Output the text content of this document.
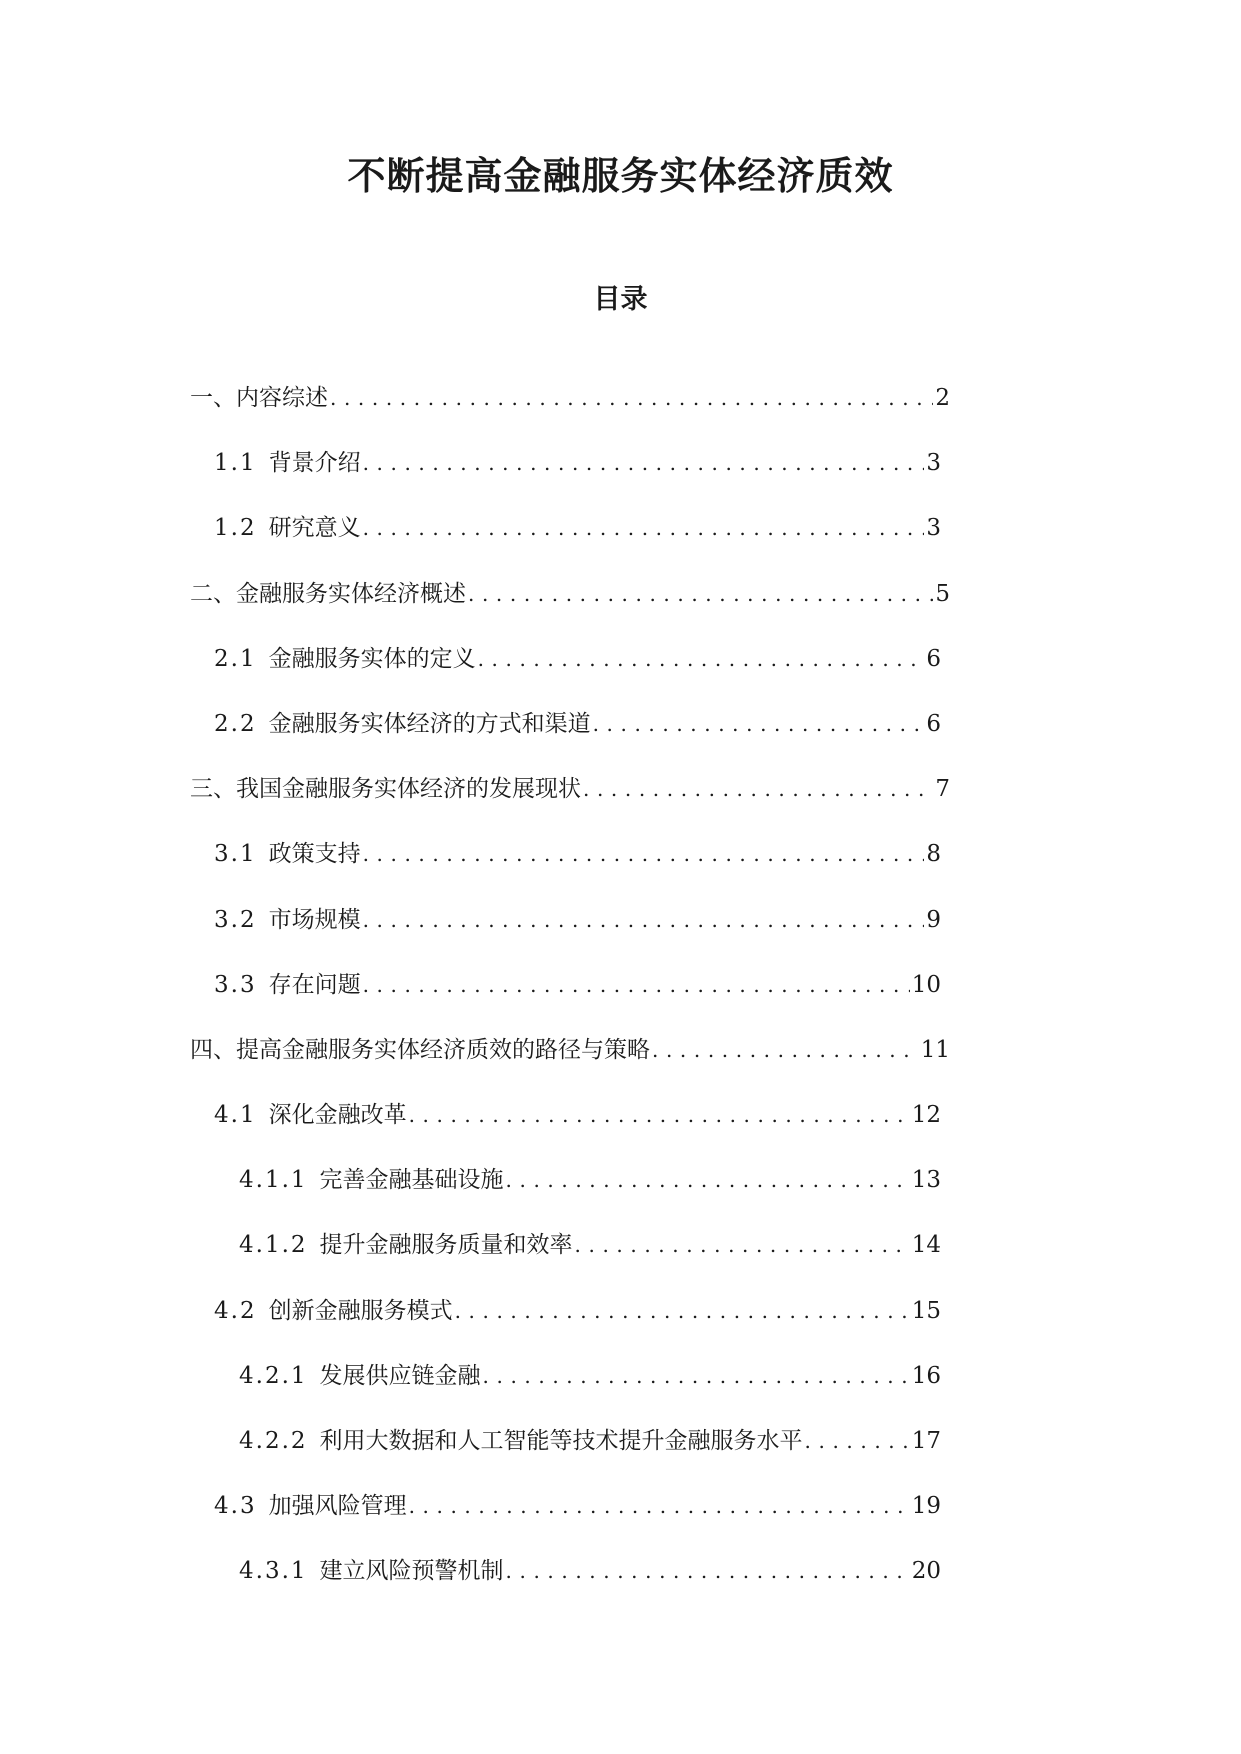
不断提高金融服务实体经济质效
目录
一、内容综述 .....	2
1.1 背景介绍 .....	3
1.2 研究意义 .....	3
二、金融服务实体经济概述 .....	5
2.1 金融服务实体的定义 .....	6
2.2 金融服务实体经济的方式和渠道 .....	6
三、我国金融服务实体经济的发展现状 .....	7
3.1 政策支持 .....	8
3.2 市场规模 .....	9
3.3 存在问题 .....	10
四、提高金融服务实体经济质效的路径与策略 .....	11
4.1 深化金融改革 .....	12
4.1.1 完善金融基础设施 .....	13
4.1.2 提升金融服务质量和效率 .....	14
4.2 创新金融服务模式 .....	15
4.2.1 发展供应链金融 .....	16
4.2.2 利用大数据和人工智能等技术提升金融服务水平 .....	17
4.3 加强风险管理 .....	19
4.3.1 建立风险预警机制 .....	20
